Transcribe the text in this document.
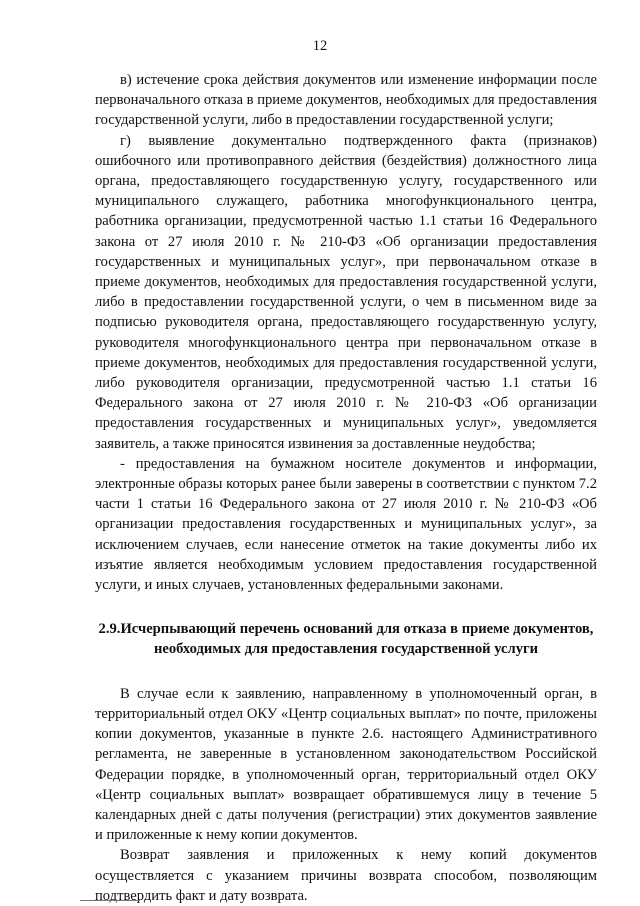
12

в) истечение срока действия документов или изменение информации после первоначального отказа в приеме документов, необходимых для предоставления государственной услуги, либо в предоставлении государственной услуги;

г) выявление документально подтвержденного факта (признаков) ошибочного или противоправного действия (бездействия) должностного лица органа, предоставляющего государственную услугу, государственного или муниципального служащего, работника многофункционального центра, работника организации, предусмотренной частью 1.1 статьи 16 Федерального закона от 27 июля 2010 г. № 210-ФЗ «Об организации предоставления государственных и муниципальных услуг», при первоначальном отказе в приеме документов, необходимых для предоставления государственной услуги, либо в предоставлении государственной услуги, о чем в письменном виде за подписью руководителя органа, предоставляющего государственную услугу, руководителя многофункционального центра при первоначальном отказе в приеме документов, необходимых для предоставления государственной услуги, либо руководителя организации, предусмотренной частью 1.1 статьи 16 Федерального закона от 27 июля 2010 г. № 210-ФЗ «Об организации предоставления государственных и муниципальных услуг», уведомляется заявитель, а также приносятся извинения за доставленные неудобства;

- предоставления на бумажном носителе документов и информации, электронные образы которых ранее были заверены в соответствии с пунктом 7.2 части 1 статьи 16 Федерального закона от 27 июля 2010 г. № 210-ФЗ «Об организации предоставления государственных и муниципальных услуг», за исключением случаев, если нанесение отметок на такие документы либо их изъятие является необходимым условием предоставления государственной услуги, и иных случаев, установленных федеральными законами.

2.9.Исчерпывающий перечень оснований для отказа в приеме документов, необходимых для предоставления государственной услуги

В случае если к заявлению, направленному в уполномоченный орган, в территориальный отдел ОКУ «Центр социальных выплат» по почте, приложены копии документов, указанные в пункте 2.6. настоящего Административного регламента, не заверенные в установленном законодательством Российской Федерации порядке, в уполномоченный орган, территориальный отдел ОКУ «Центр социальных выплат» возвращает обратившемуся лицу в течение 5 календарных дней с даты получения (регистрации) этих документов заявление и приложенные к нему копии документов.

Возврат заявления и приложенных к нему копий документов осуществляется с указанием причины возврата способом, позволяющим подтвердить факт и дату возврата.
